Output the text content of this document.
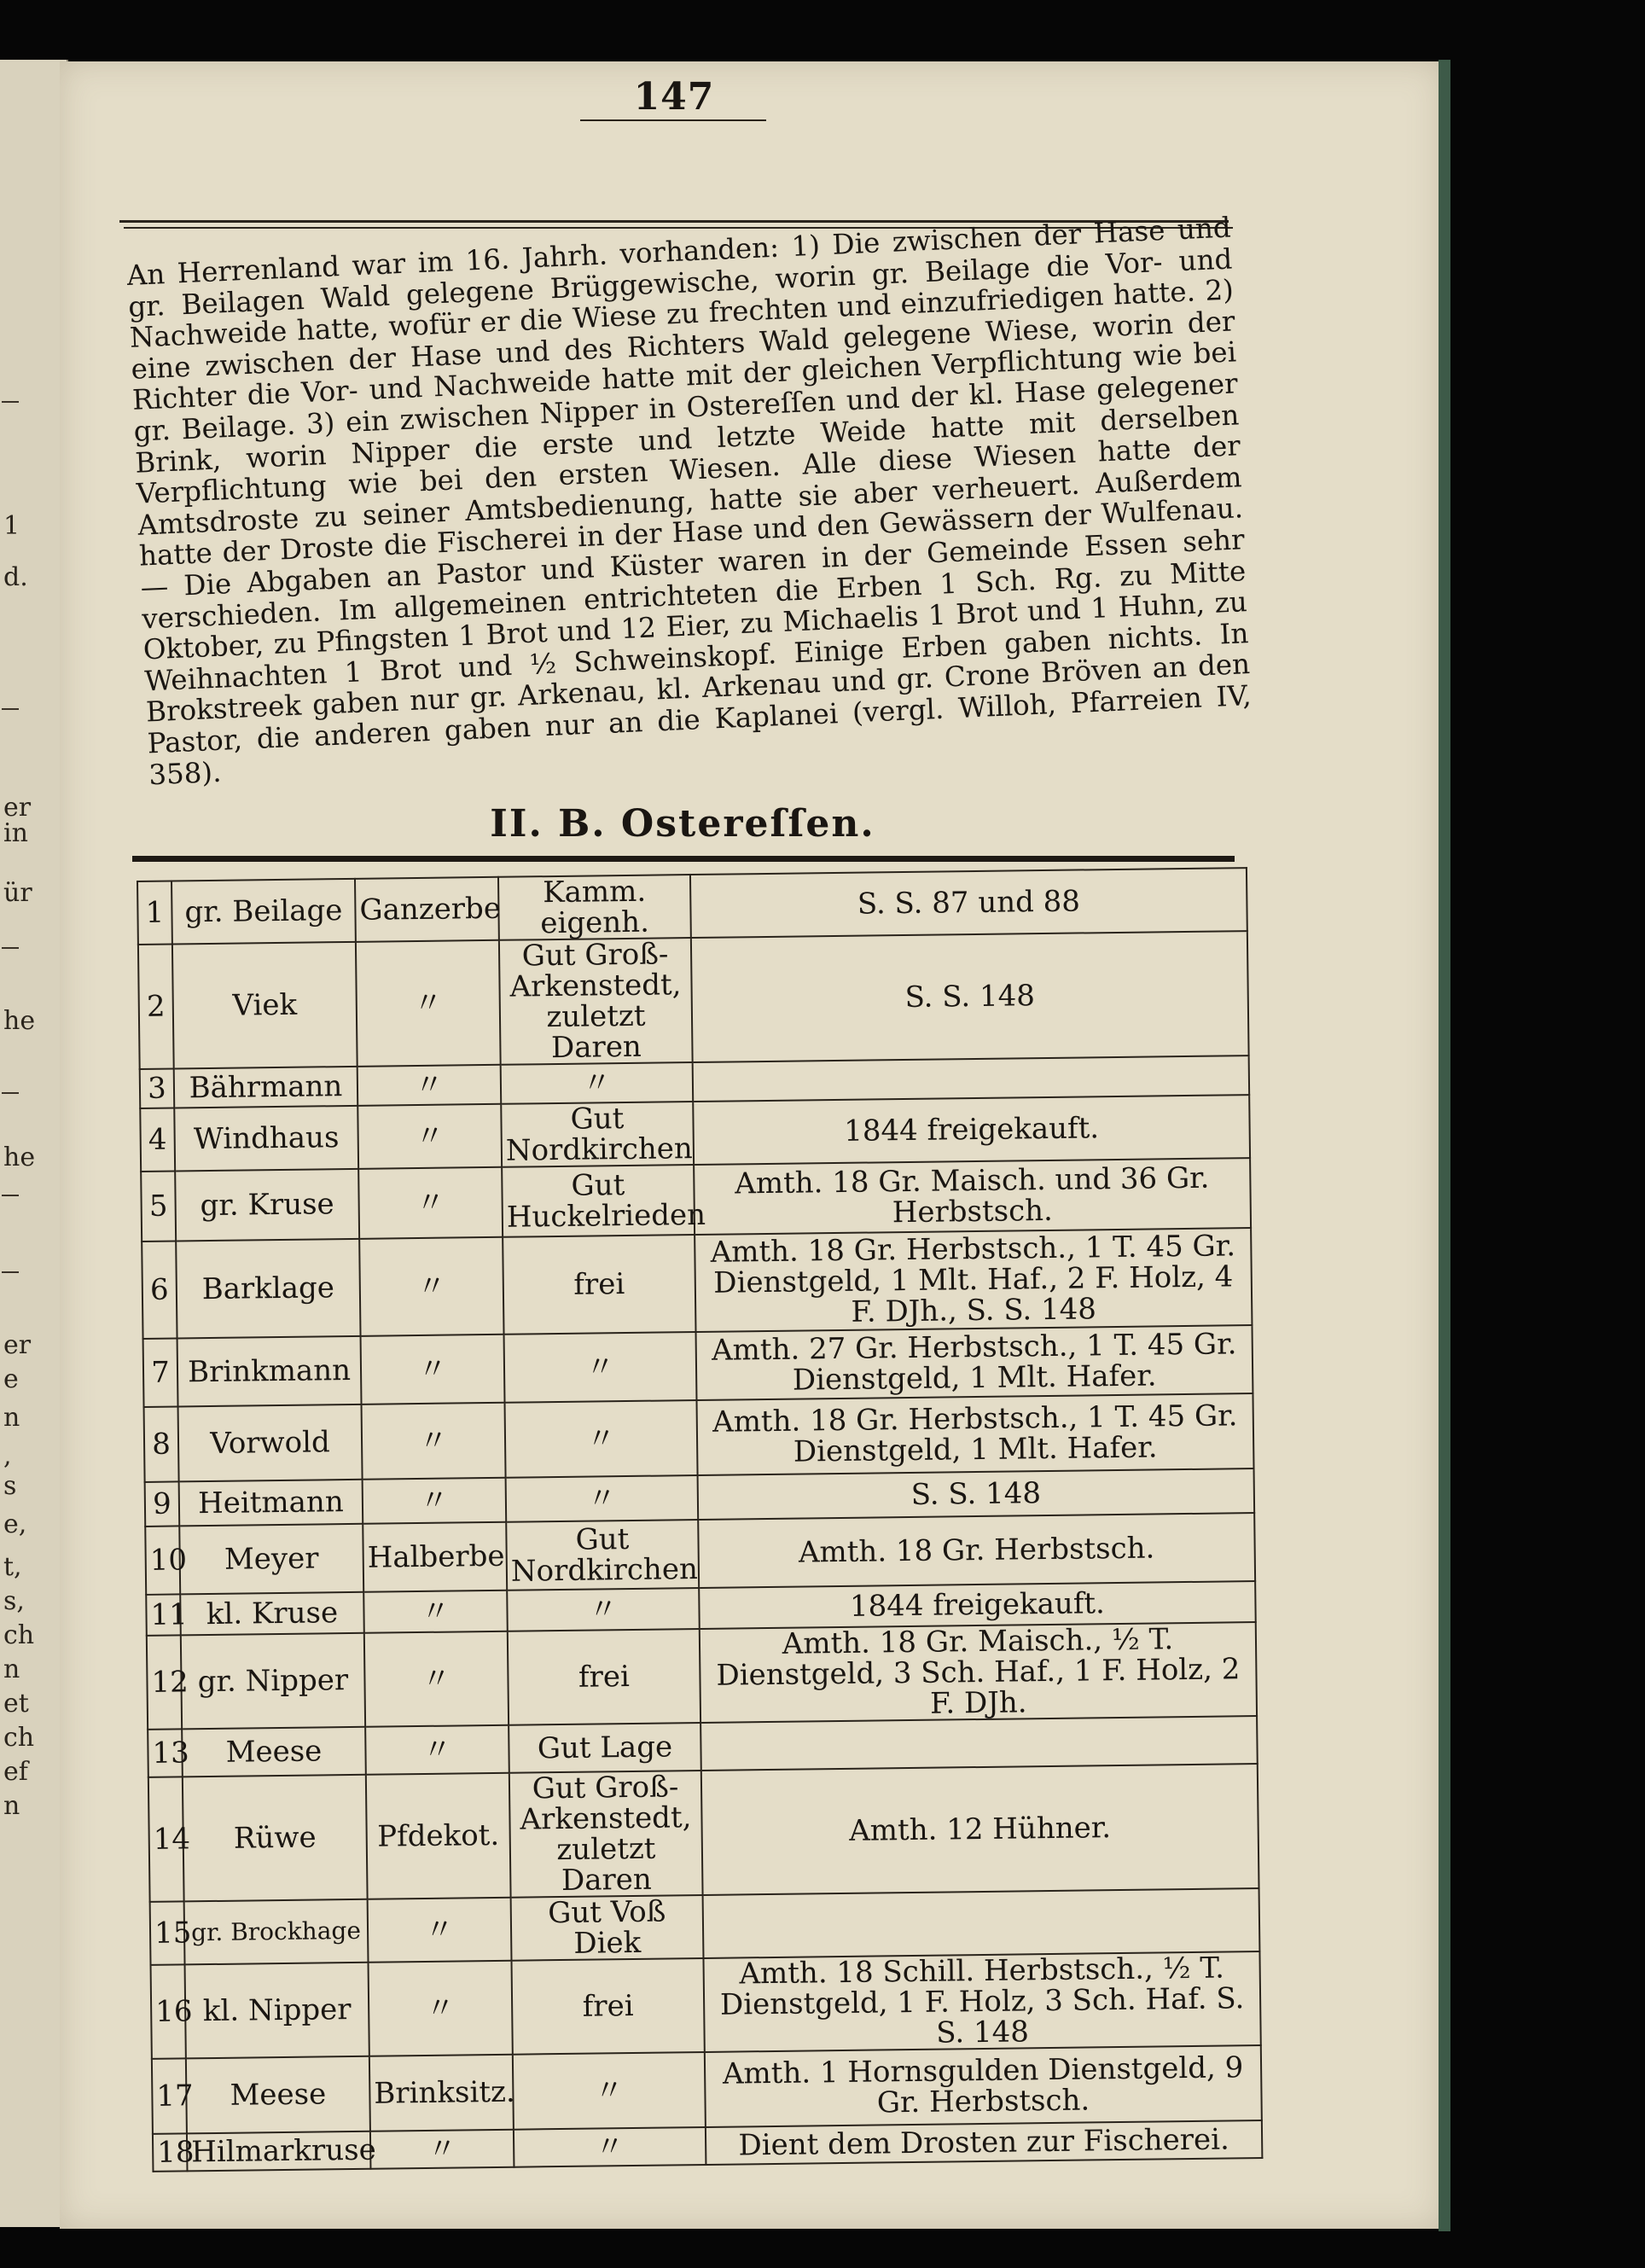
1
d.
er
in
ür
he
he
er
e
n
,
s
e,
t,
s,
ch
n
et
ch
ef
n
147
An Herrenland war im 16. Jahrh. vorhanden: 1) Die zwischen der Hase und gr. Beilagen Wald gelegene Brüggewische, worin gr. Beilage die Vor- und Nachweide hatte, wofür er die Wiese zu frechten und einzufriedigen hatte. 2) eine zwischen der Hase und des Richters Wald gelegene Wiese, worin der Richter die Vor- und Nachweide hatte mit der gleichen Verpflichtung wie bei gr. Beilage. 3) ein zwischen Nipper in Ostereſſen und der kl. Hase gelegener Brink, worin Nipper die erste und letzte Weide hatte mit derselben Verpflichtung wie bei den ersten Wiesen. Alle diese Wiesen hatte der Amtsdroste zu seiner Amtsbedienung, hatte sie aber verheuert. Außerdem hatte der Droste die Fischerei in der Hase und den Gewässern der Wulfenau. — Die Abgaben an Pastor und Küster waren in der Gemeinde Essen sehr verschieden. Im allgemeinen entrichteten die Erben 1 Sch. Rg. zu Mitte Oktober, zu Pfingsten 1 Brot und 12 Eier, zu Michaelis 1 Brot und 1 Huhn, zu Weihnachten 1 Brot und ½ Schweinskopf. Einige Erben gaben nichts. In Brokstreek gaben nur gr. Arkenau, kl. Arkenau und gr. Crone Bröven an den Pastor, die anderen gaben nur an die Kaplanei (vergl. Willoh, Pfarreien IV, 358).
II. B. Ostereſſen.
1	gr. Beilage	Ganzerbe	Kamm. eigenh.	S. S. 87 und 88
2	Viek	〃	Gut Groß-Arkenstedt, zuletzt Daren	S. S. 148
3	Bährmann	〃	〃	
4	Windhaus	〃	Gut Nordkirchen	1844 freigekauft.
5	gr. Kruse	〃	Gut Huckelrieden	Amth. 18 Gr. Maisch. und 36 Gr. Herbstsch.
6	Barklage	〃	frei	Amth. 18 Gr. Herbstsch., 1 T. 45 Gr. Dienstgeld, 1 Mlt. Haf., 2 F. Holz, 4 F. DJh., S. S. 148
7	Brinkmann	〃	〃	Amth. 27 Gr. Herbstsch., 1 T. 45 Gr. Dienstgeld, 1 Mlt. Hafer.
8	Vorwold	〃	〃	Amth. 18 Gr. Herbstsch., 1 T. 45 Gr. Dienstgeld, 1 Mlt. Hafer.
9	Heitmann	〃	〃	S. S. 148
10	Meyer	Halberbe	Gut Nordkirchen	Amth. 18 Gr. Herbstsch.
11	kl. Kruse	〃	〃	1844 freigekauft.
12	gr. Nipper	〃	frei	Amth. 18 Gr. Maisch., ½ T. Dienstgeld, 3 Sch. Haf., 1 F. Holz, 2 F. DJh.
13	Meese	〃	Gut Lage	
14	Rüwe	Pfdekot.	Gut Groß-Arkenstedt, zuletzt Daren	Amth. 12 Hühner.
15	gr. Brockhage	〃	Gut Voß Diek	
16	kl. Nipper	〃	frei	Amth. 18 Schill. Herbstsch., ½ T. Dienstgeld, 1 F. Holz, 3 Sch. Haf. S. S. 148
17	Meese	Brinksitz.	〃	Amth. 1 Hornsgulden Dienstgeld, 9 Gr. Herbstsch.
18	Hilmarkruse	〃	〃	Dient dem Drosten zur Fischerei.
